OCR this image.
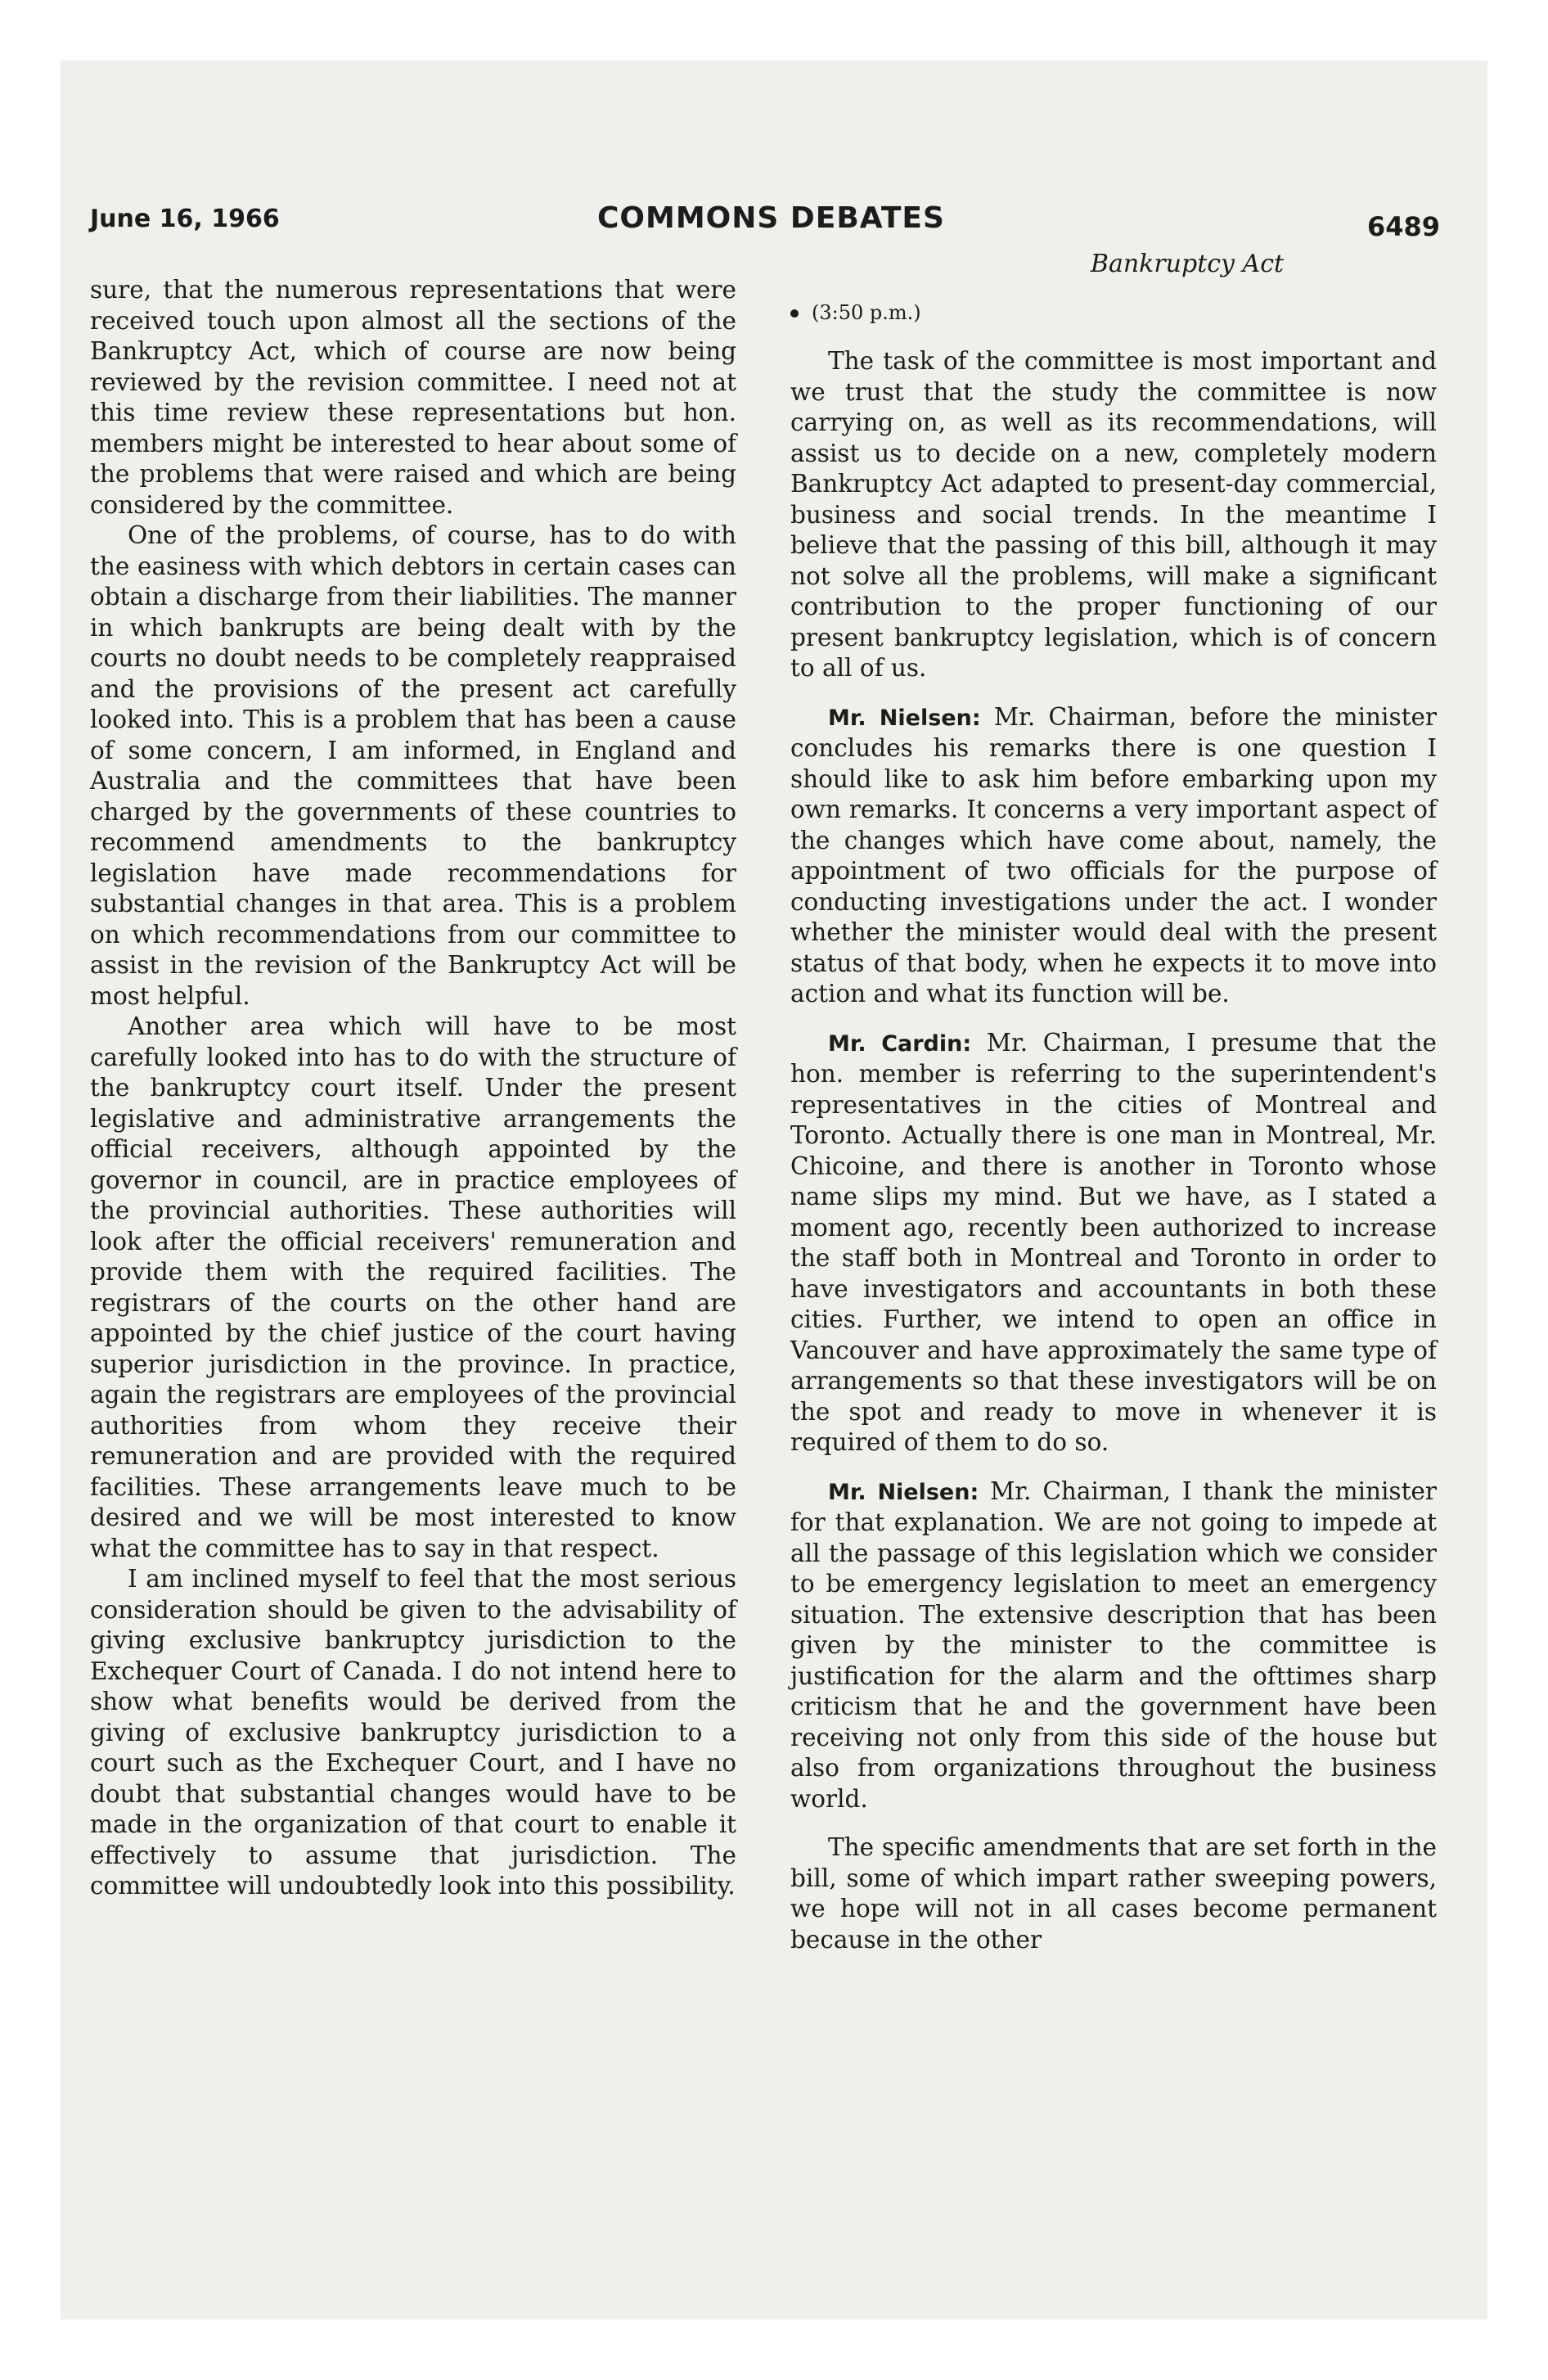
June 16, 1966	COMMONS DEBATES	6489

sure, that the numerous representations that were received touch upon almost all the sections of the Bankruptcy Act, which of course are now being reviewed by the revision committee. I need not at this time review these representations but hon. members might be interested to hear about some of the problems that were raised and which are being considered by the committee.

One of the problems, of course, has to do with the easiness with which debtors in certain cases can obtain a discharge from their liabilities. The manner in which bankrupts are being dealt with by the courts no doubt needs to be completely reappraised and the provisions of the present act carefully looked into. This is a problem that has been a cause of some concern, I am informed, in England and Australia and the committees that have been charged by the governments of these countries to recommend amendments to the bankruptcy legislation have made recommendations for substantial changes in that area. This is a problem on which recommendations from our committee to assist in the revision of the Bankruptcy Act will be most helpful.

Another area which will have to be most carefully looked into has to do with the structure of the bankruptcy court itself. Under the present legislative and administrative arrangements the official receivers, although appointed by the governor in council, are in practice employees of the provincial authorities. These authorities will look after the official receivers' remuneration and provide them with the required facilities. The registrars of the courts on the other hand are appointed by the chief justice of the court having superior jurisdiction in the province. In practice, again the registrars are employees of the provincial authorities from whom they receive their remuneration and are provided with the required facilities. These arrangements leave much to be desired and we will be most interested to know what the committee has to say in that respect.

I am inclined myself to feel that the most serious consideration should be given to the advisability of giving exclusive bankruptcy jurisdiction to the Exchequer Court of Canada. I do not intend here to show what benefits would be derived from the giving of exclusive bankruptcy jurisdiction to a court such as the Exchequer Court, and I have no doubt that substantial changes would have to be made in the organization of that court to enable it effectively to assume that jurisdiction. The committee will undoubtedly look into this possibility.

Bankruptcy Act

(3:50 p.m.)

The task of the committee is most important and we trust that the study the committee is now carrying on, as well as its recommendations, will assist us to decide on a new, completely modern Bankruptcy Act adapted to present-day commercial, business and social trends. In the meantime I believe that the passing of this bill, although it may not solve all the problems, will make a significant contribution to the proper functioning of our present bankruptcy legislation, which is of concern to all of us.

Mr. Nielsen: Mr. Chairman, before the minister concludes his remarks there is one question I should like to ask him before embarking upon my own remarks. It concerns a very important aspect of the changes which have come about, namely, the appointment of two officials for the purpose of conducting investigations under the act. I wonder whether the minister would deal with the present status of that body, when he expects it to move into action and what its function will be.

Mr. Cardin: Mr. Chairman, I presume that the hon. member is referring to the superintendent's representatives in the cities of Montreal and Toronto. Actually there is one man in Montreal, Mr. Chicoine, and there is another in Toronto whose name slips my mind. But we have, as I stated a moment ago, recently been authorized to increase the staff both in Montreal and Toronto in order to have investigators and accountants in both these cities. Further, we intend to open an office in Vancouver and have approximately the same type of arrangements so that these investigators will be on the spot and ready to move in whenever it is required of them to do so.

Mr. Nielsen: Mr. Chairman, I thank the minister for that explanation. We are not going to impede at all the passage of this legislation which we consider to be emergency legislation to meet an emergency situation. The extensive description that has been given by the minister to the committee is justification for the alarm and the ofttimes sharp criticism that he and the government have been receiving not only from this side of the house but also from organizations throughout the business world.

The specific amendments that are set forth in the bill, some of which impart rather sweeping powers, we hope will not in all cases become permanent because in the other
